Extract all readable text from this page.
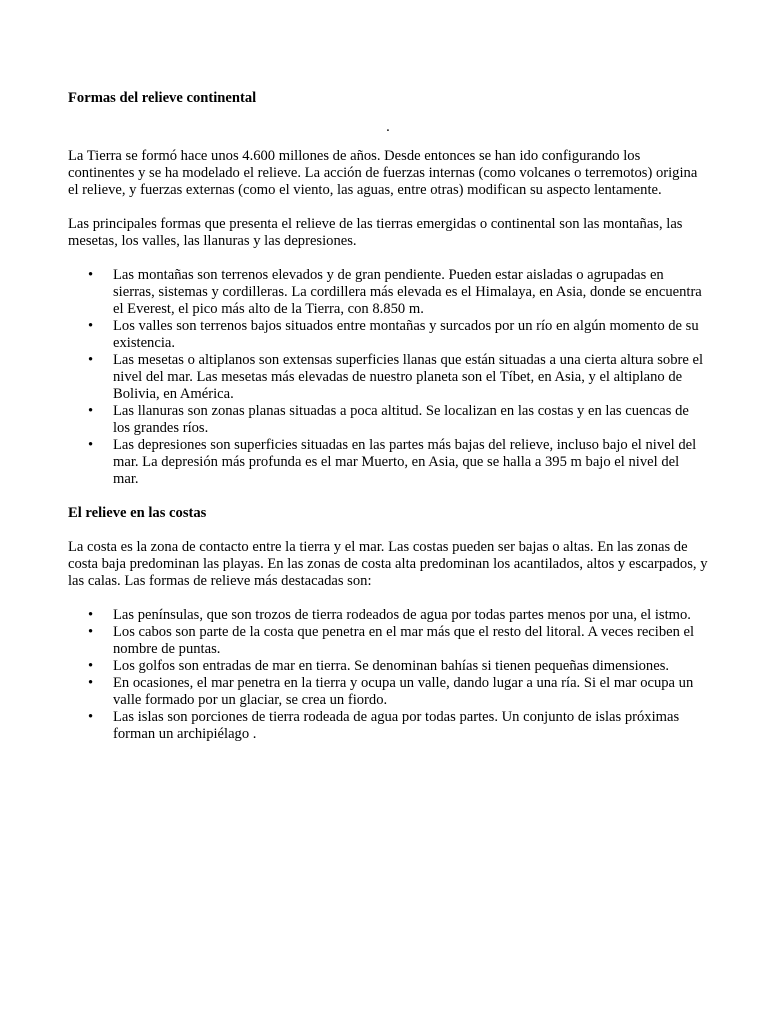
Formas del relieve continental

.

La Tierra se formó hace unos 4.600 millones de años. Desde entonces se han ido configurando los continentes y se ha modelado el relieve. La acción de fuerzas internas (como volcanes o terremotos) origina el relieve, y fuerzas externas (como el viento, las aguas, entre otras) modifican su aspecto lentamente.

Las principales formas que presenta el relieve de las tierras emergidas o continental son las montañas, las mesetas, los valles, las llanuras y las depresiones.

• Las montañas son terrenos elevados y de gran pendiente. Pueden estar aisladas o agrupadas en sierras, sistemas y cordilleras. La cordillera más elevada es el Himalaya, en Asia, donde se encuentra el Everest, el pico más alto de la Tierra, con 8.850 m.
• Los valles son terrenos bajos situados entre montañas y surcados por un río en algún momento de su existencia.
• Las mesetas o altiplanos son extensas superficies llanas que están situadas a una cierta altura sobre el nivel del mar. Las mesetas más elevadas de nuestro planeta son el Tíbet, en Asia, y el altiplano de Bolivia, en América.
• Las llanuras son zonas planas situadas a poca altitud. Se localizan en las costas y en las cuencas de los grandes ríos.
• Las depresiones son superficies situadas en las partes más bajas del relieve, incluso bajo el nivel del mar. La depresión más profunda es el mar Muerto, en Asia, que se halla a 395 m bajo el nivel del mar.

El relieve en las costas

La costa es la zona de contacto entre la tierra y el mar. Las costas pueden ser bajas o altas. En las zonas de costa baja predominan las playas. En las zonas de costa alta predominan los acantilados, altos y escarpados, y las calas. Las formas de relieve más destacadas son:

• Las penínsulas, que son trozos de tierra rodeados de agua por todas partes menos por una, el istmo.
• Los cabos son parte de la costa que penetra en el mar más que el resto del litoral. A veces reciben el nombre de puntas.
• Los golfos son entradas de mar en tierra. Se denominan bahías si tienen pequeñas dimensiones.
• En ocasiones, el mar penetra en la tierra y ocupa un valle, dando lugar a una ría. Si el mar ocupa un valle formado por un glaciar, se crea un fiordo.
• Las islas son porciones de tierra rodeada de agua por todas partes. Un conjunto de islas próximas forman un archipiélago .
